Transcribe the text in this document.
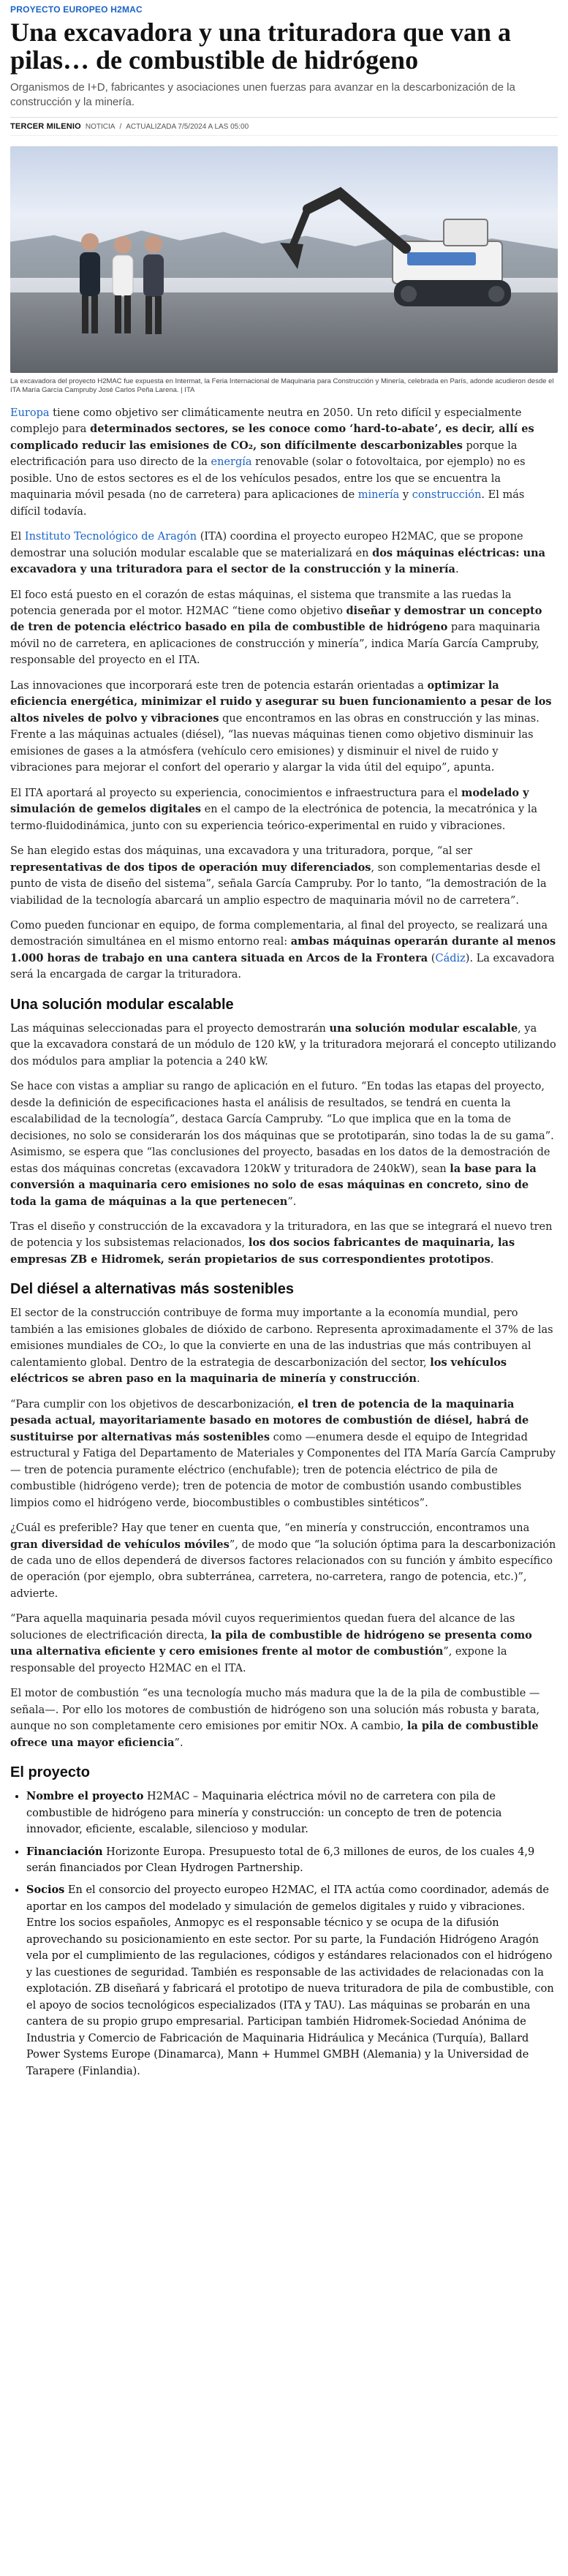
PROYECTO EUROPEO H2MAC
Una excavadora y una trituradora que van a pilas… de combustible de hidrógeno
Organismos de I+D, fabricantes y asociaciones unen fuerzas para avanzar en la descarbonización de la construcción y la minería.
TERCER MILENIO NOTICIA / ACTUALIZADA 7/5/2024 A LAS 05:00
La excavadora del proyecto H2MAC fue expuesta en Intermat, la Feria Internacional de Maquinaria para Construcción y Minería, celebrada en París, adonde acudieron desde el ITA María García Campruby José Carlos Peña Larena. | ITA

Europa tiene como objetivo ser climáticamente neutra en 2050. Un reto difícil y especialmente complejo para determinados sectores, se les conoce como ‘hard-to-abate’, es decir, allí es complicado reducir las emisiones de CO₂, son difícilmente descarbonizables porque la electrificación para uso directo de la energía renovable (solar o fotovoltaica, por ejemplo) no es posible. Uno de estos sectores es el de los vehículos pesados, entre los que se encuentra la maquinaria móvil pesada (no de carretera) para aplicaciones de minería y construcción. El más difícil todavía.

El Instituto Tecnológico de Aragón (ITA) coordina el proyecto europeo H2MAC, que se propone demostrar una solución modular escalable que se materializará en dos máquinas eléctricas: una excavadora y una trituradora para el sector de la construcción y la minería.

El foco está puesto en el corazón de estas máquinas, el sistema que transmite a las ruedas la potencia generada por el motor. H2MAC “tiene como objetivo diseñar y demostrar un concepto de tren de potencia eléctrico basado en pila de combustible de hidrógeno para maquinaria móvil no de carretera, en aplicaciones de construcción y minería”, indica María García Campruby, responsable del proyecto en el ITA.

Las innovaciones que incorporará este tren de potencia estarán orientadas a optimizar la eficiencia energética, minimizar el ruido y asegurar su buen funcionamiento a pesar de los altos niveles de polvo y vibraciones que encontramos en las obras en construcción y las minas. Frente a las máquinas actuales (diésel), “las nuevas máquinas tienen como objetivo disminuir las emisiones de gases a la atmósfera (vehículo cero emisiones) y disminuir el nivel de ruido y vibraciones para mejorar el confort del operario y alargar la vida útil del equipo”, apunta.

El ITA aportará al proyecto su experiencia, conocimientos e infraestructura para el modelado y simulación de gemelos digitales en el campo de la electrónica de potencia, la mecatrónica y la termo-fluidodinámica, junto con su experiencia teórico-experimental en ruido y vibraciones.

Se han elegido estas dos máquinas, una excavadora y una trituradora, porque, “al ser representativas de dos tipos de operación muy diferenciados, son complementarias desde el punto de vista de diseño del sistema”, señala García Campruby. Por lo tanto, “la demostración de la viabilidad de la tecnología abarcará un amplio espectro de maquinaria móvil no de carretera”.

Como pueden funcionar en equipo, de forma complementaria, al final del proyecto, se realizará una demostración simultánea en el mismo entorno real: ambas máquinas operarán durante al menos 1.000 horas de trabajo en una cantera situada en Arcos de la Frontera (Cádiz). La excavadora será la encargada de cargar la trituradora.

Una solución modular escalable

Las máquinas seleccionadas para el proyecto demostrarán una solución modular escalable, ya que la excavadora constará de un módulo de 120 kW, y la trituradora mejorará el concepto utilizando dos módulos para ampliar la potencia a 240 kW.

Se hace con vistas a ampliar su rango de aplicación en el futuro. “En todas las etapas del proyecto, desde la definición de especificaciones hasta el análisis de resultados, se tendrá en cuenta la escalabilidad de la tecnología”, destaca García Campruby. “Lo que implica que en la toma de decisiones, no solo se considerarán los dos máquinas que se prototiparán, sino todas la de su gama”. Asimismo, se espera que “las conclusiones del proyecto, basadas en los datos de la demostración de estas dos máquinas concretas (excavadora 120kW y trituradora de 240kW), sean la base para la conversión a maquinaria cero emisiones no solo de esas máquinas en concreto, sino de toda la gama de máquinas a la que pertenecen”.

Tras el diseño y construcción de la excavadora y la trituradora, en las que se integrará el nuevo tren de potencia y los subsistemas relacionados, los dos socios fabricantes de maquinaria, las empresas ZB e Hidromek, serán propietarios de sus correspondientes prototipos.

Del diésel a alternativas más sostenibles

El sector de la construcción contribuye de forma muy importante a la economía mundial, pero también a las emisiones globales de dióxido de carbono. Representa aproximadamente el 37% de las emisiones mundiales de CO₂, lo que la convierte en una de las industrias que más contribuyen al calentamiento global. Dentro de la estrategia de descarbonización del sector, los vehículos eléctricos se abren paso en la maquinaria de minería y construcción.

“Para cumplir con los objetivos de descarbonización, el tren de potencia de la maquinaria pesada actual, mayoritariamente basado en motores de combustión de diésel, habrá de sustituirse por alternativas más sostenibles como —enumera desde el equipo de Integridad estructural y Fatiga del Departamento de Materiales y Componentes del ITA María García Campruby— tren de potencia puramente eléctrico (enchufable); tren de potencia eléctrico de pila de combustible (hidrógeno verde); tren de potencia de motor de combustión usando combustibles limpios como el hidrógeno verde, biocombustibles o combustibles sintéticos”.

¿Cuál es preferible? Hay que tener en cuenta que, “en minería y construcción, encontramos una gran diversidad de vehículos móviles”, de modo que “la solución óptima para la descarbonización de cada uno de ellos dependerá de diversos factores relacionados con su función y ámbito específico de operación (por ejemplo, obra subterránea, carretera, no-carretera, rango de potencia, etc.)”, advierte.

“Para aquella maquinaria pesada móvil cuyos requerimientos quedan fuera del alcance de las soluciones de electrificación directa, la pila de combustible de hidrógeno se presenta como una alternativa eficiente y cero emisiones frente al motor de combustión”, expone la responsable del proyecto H2MAC en el ITA.

El motor de combustión “es una tecnología mucho más madura que la de la pila de combustible —señala—. Por ello los motores de combustión de hidrógeno son una solución más robusta y barata, aunque no son completamente cero emisiones por emitir NOx. A cambio, la pila de combustible ofrece una mayor eficiencia”.

El proyecto
• Nombre el proyecto H2MAC – Maquinaria eléctrica móvil no de carretera con pila de combustible de hidrógeno para minería y construcción: un concepto de tren de potencia innovador, eficiente, escalable, silencioso y modular.
• Financiación Horizonte Europa. Presupuesto total de 6,3 millones de euros, de los cuales 4,9 serán financiados por Clean Hydrogen Partnership.
• Socios En el consorcio del proyecto europeo H2MAC, el ITA actúa como coordinador, además de aportar en los campos del modelado y simulación de gemelos digitales y ruido y vibraciones. Entre los socios españoles, Anmopyc es el responsable técnico y se ocupa de la difusión aprovechando su posicionamiento en este sector. Por su parte, la Fundación Hidrógeno Aragón vela por el cumplimiento de las regulaciones, códigos y estándares relacionados con el hidrógeno y las cuestiones de seguridad. También es responsable de las actividades de relacionadas con la explotación. ZB diseñará y fabricará el prototipo de nueva trituradora de pila de combustible, con el apoyo de socios tecnológicos especializados (ITA y TAU). Las máquinas se probarán en una cantera de su propio grupo empresarial. Participan también Hidromek-Sociedad Anónima de Industria y Comercio de Fabricación de Maquinaria Hidráulica y Mecánica (Turquía), Ballard Power Systems Europe (Dinamarca), Mann + Hummel GMBH (Alemania) y la Universidad de Tarapere (Finlandia).
